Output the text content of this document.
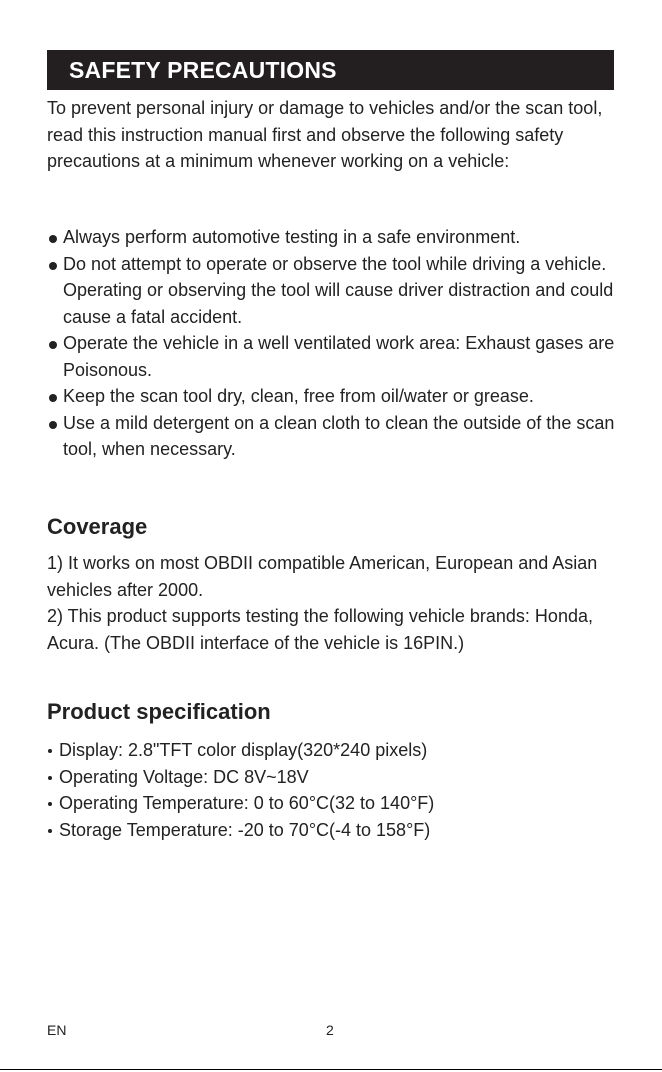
SAFETY PRECAUTIONS

To prevent personal injury or damage to vehicles and/or the scan tool, read this instruction manual first and observe the following safety precautions at a minimum whenever working on a vehicle:

Always perform automotive testing in a safe environment.
Do not attempt to operate or observe the tool while driving a vehicle. Operating or observing the tool will cause driver distraction and could cause a fatal accident.
Operate the vehicle in a well ventilated work area: Exhaust gases are Poisonous.
Keep the scan tool dry, clean, free from oil/water or grease.
Use a mild detergent on a clean cloth to clean the outside of the scan tool, when necessary.
Coverage
1) It works on most OBDII compatible American, European and Asian vehicles after 2000.
2) This product supports testing the following vehicle brands: Honda, Acura. (The OBDII interface of the vehicle is 16PIN.)
Product specification
Display: 2.8"TFT color display(320*240 pixels)
Operating Voltage: DC 8V~18V
Operating Temperature: 0 to 60°C(32 to 140°F)
Storage Temperature: -20 to 70°C(-4 to 158°F)
EN	2
